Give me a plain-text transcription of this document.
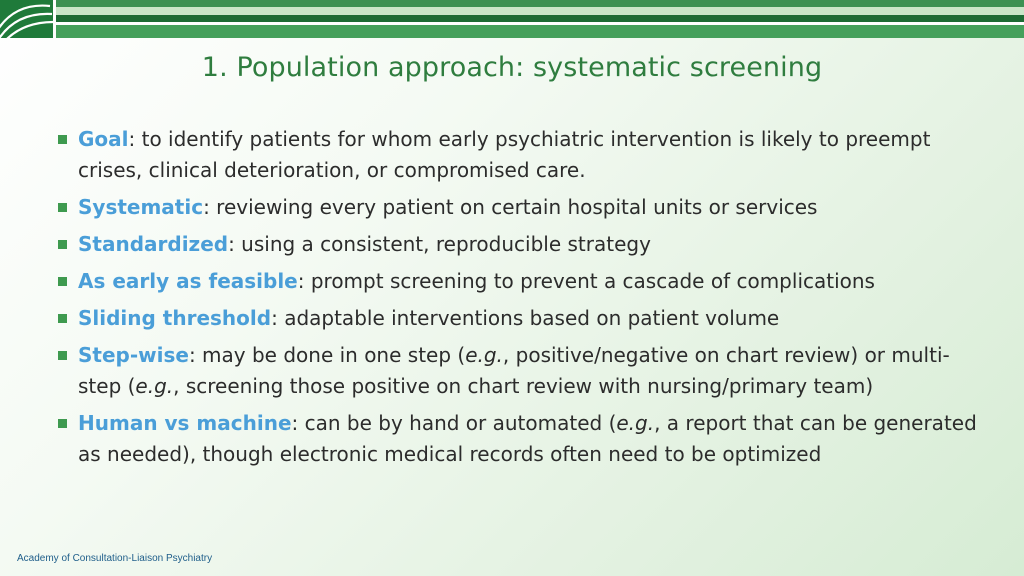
1. Population approach: systematic screening
Goal: to identify patients for whom early psychiatric intervention is likely to preempt crises, clinical deterioration, or compromised care.
Systematic: reviewing every patient on certain hospital units or services
Standardized: using a consistent, reproducible strategy
As early as feasible: prompt screening to prevent a cascade of complications
Sliding threshold: adaptable interventions based on patient volume
Step-wise: may be done in one step (e.g., positive/negative on chart review) or multi-step (e.g., screening those positive on chart review with nursing/primary team)
Human vs machine: can be by hand or automated (e.g., a report that can be generated as needed), though electronic medical records often need to be optimized
Academy of Consultation-Liaison Psychiatry
